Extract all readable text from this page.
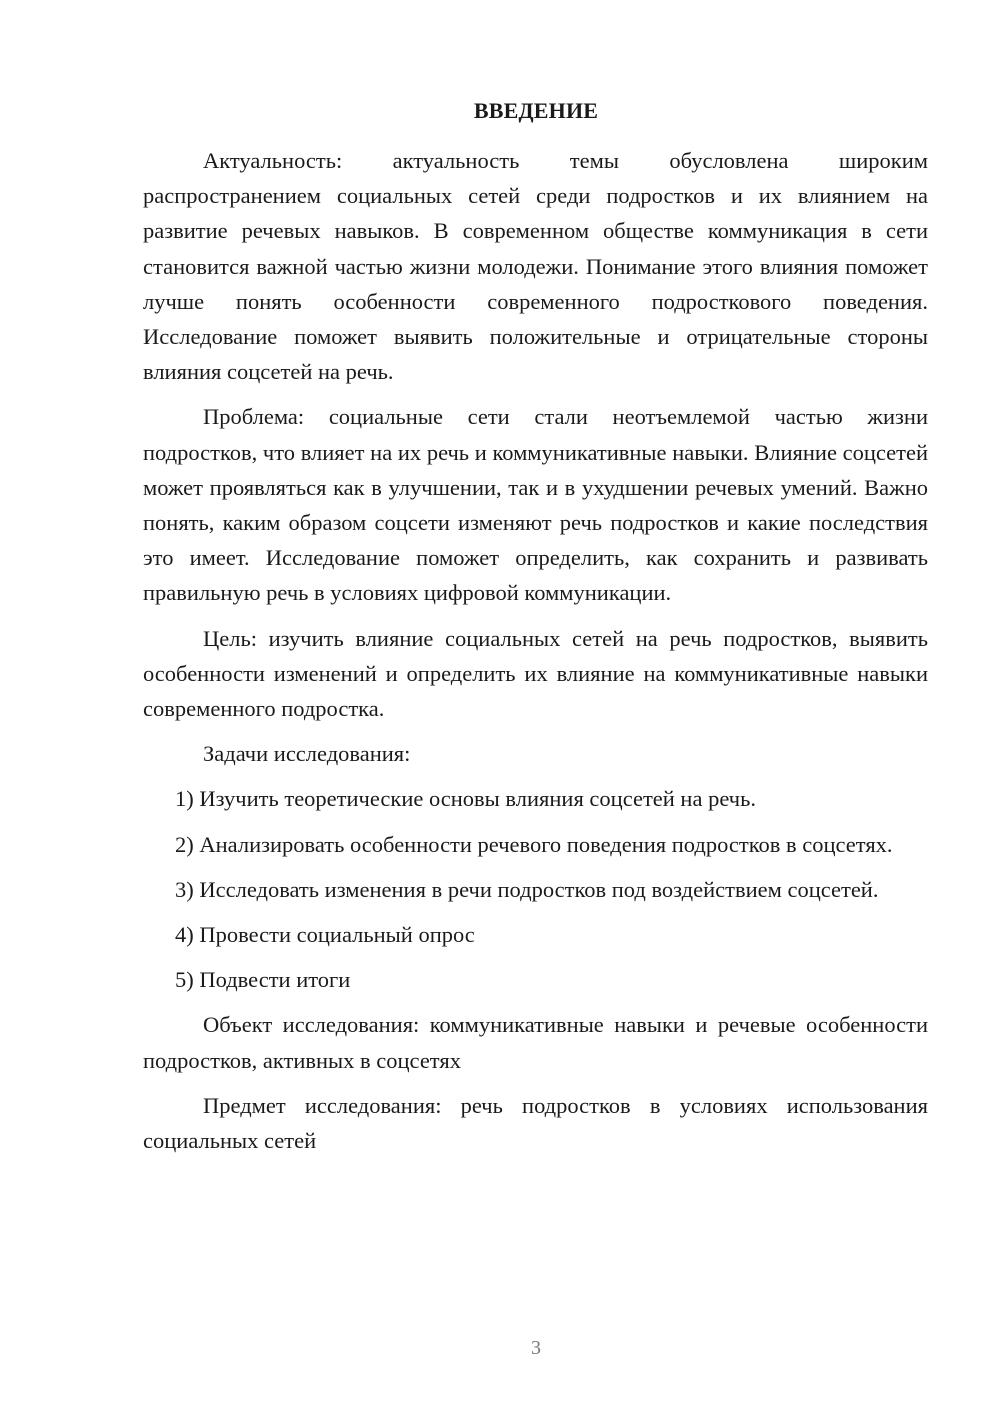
ВВЕДЕНИЕ

Актуальность: актуальность темы обусловлена широким распространением социальных сетей среди подростков и их влиянием на развитие речевых навыков. В современном обществе коммуникация в сети становится важной частью жизни молодежи. Понимание этого влияния поможет лучше понять особенности современного подросткового поведения. Исследование поможет выявить положительные и отрицательные стороны влияния соцсетей на речь.

Проблема: социальные сети стали неотъемлемой частью жизни подростков, что влияет на их речь и коммуникативные навыки. Влияние соцсетей может проявляться как в улучшении, так и в ухудшении речевых умений. Важно понять, каким образом соцсети изменяют речь подростков и какие последствия это имеет. Исследование поможет определить, как сохранить и развивать правильную речь в условиях цифровой коммуникации.

Цель: изучить влияние социальных сетей на речь подростков, выявить особенности изменений и определить их влияние на коммуникативные навыки современного подростка.

Задачи исследования:

1) Изучить теоретические основы влияния соцсетей на речь.

2) Анализировать особенности речевого поведения подростков в соцсетях.

3) Исследовать изменения в речи подростков под воздействием соцсетей.

4) Провести социальный опрос

5) Подвести итоги

Объект исследования: коммуникативные навыки и речевые особенности подростков, активных в соцсетях

Предмет исследования: речь подростков в условиях использования социальных сетей

3
